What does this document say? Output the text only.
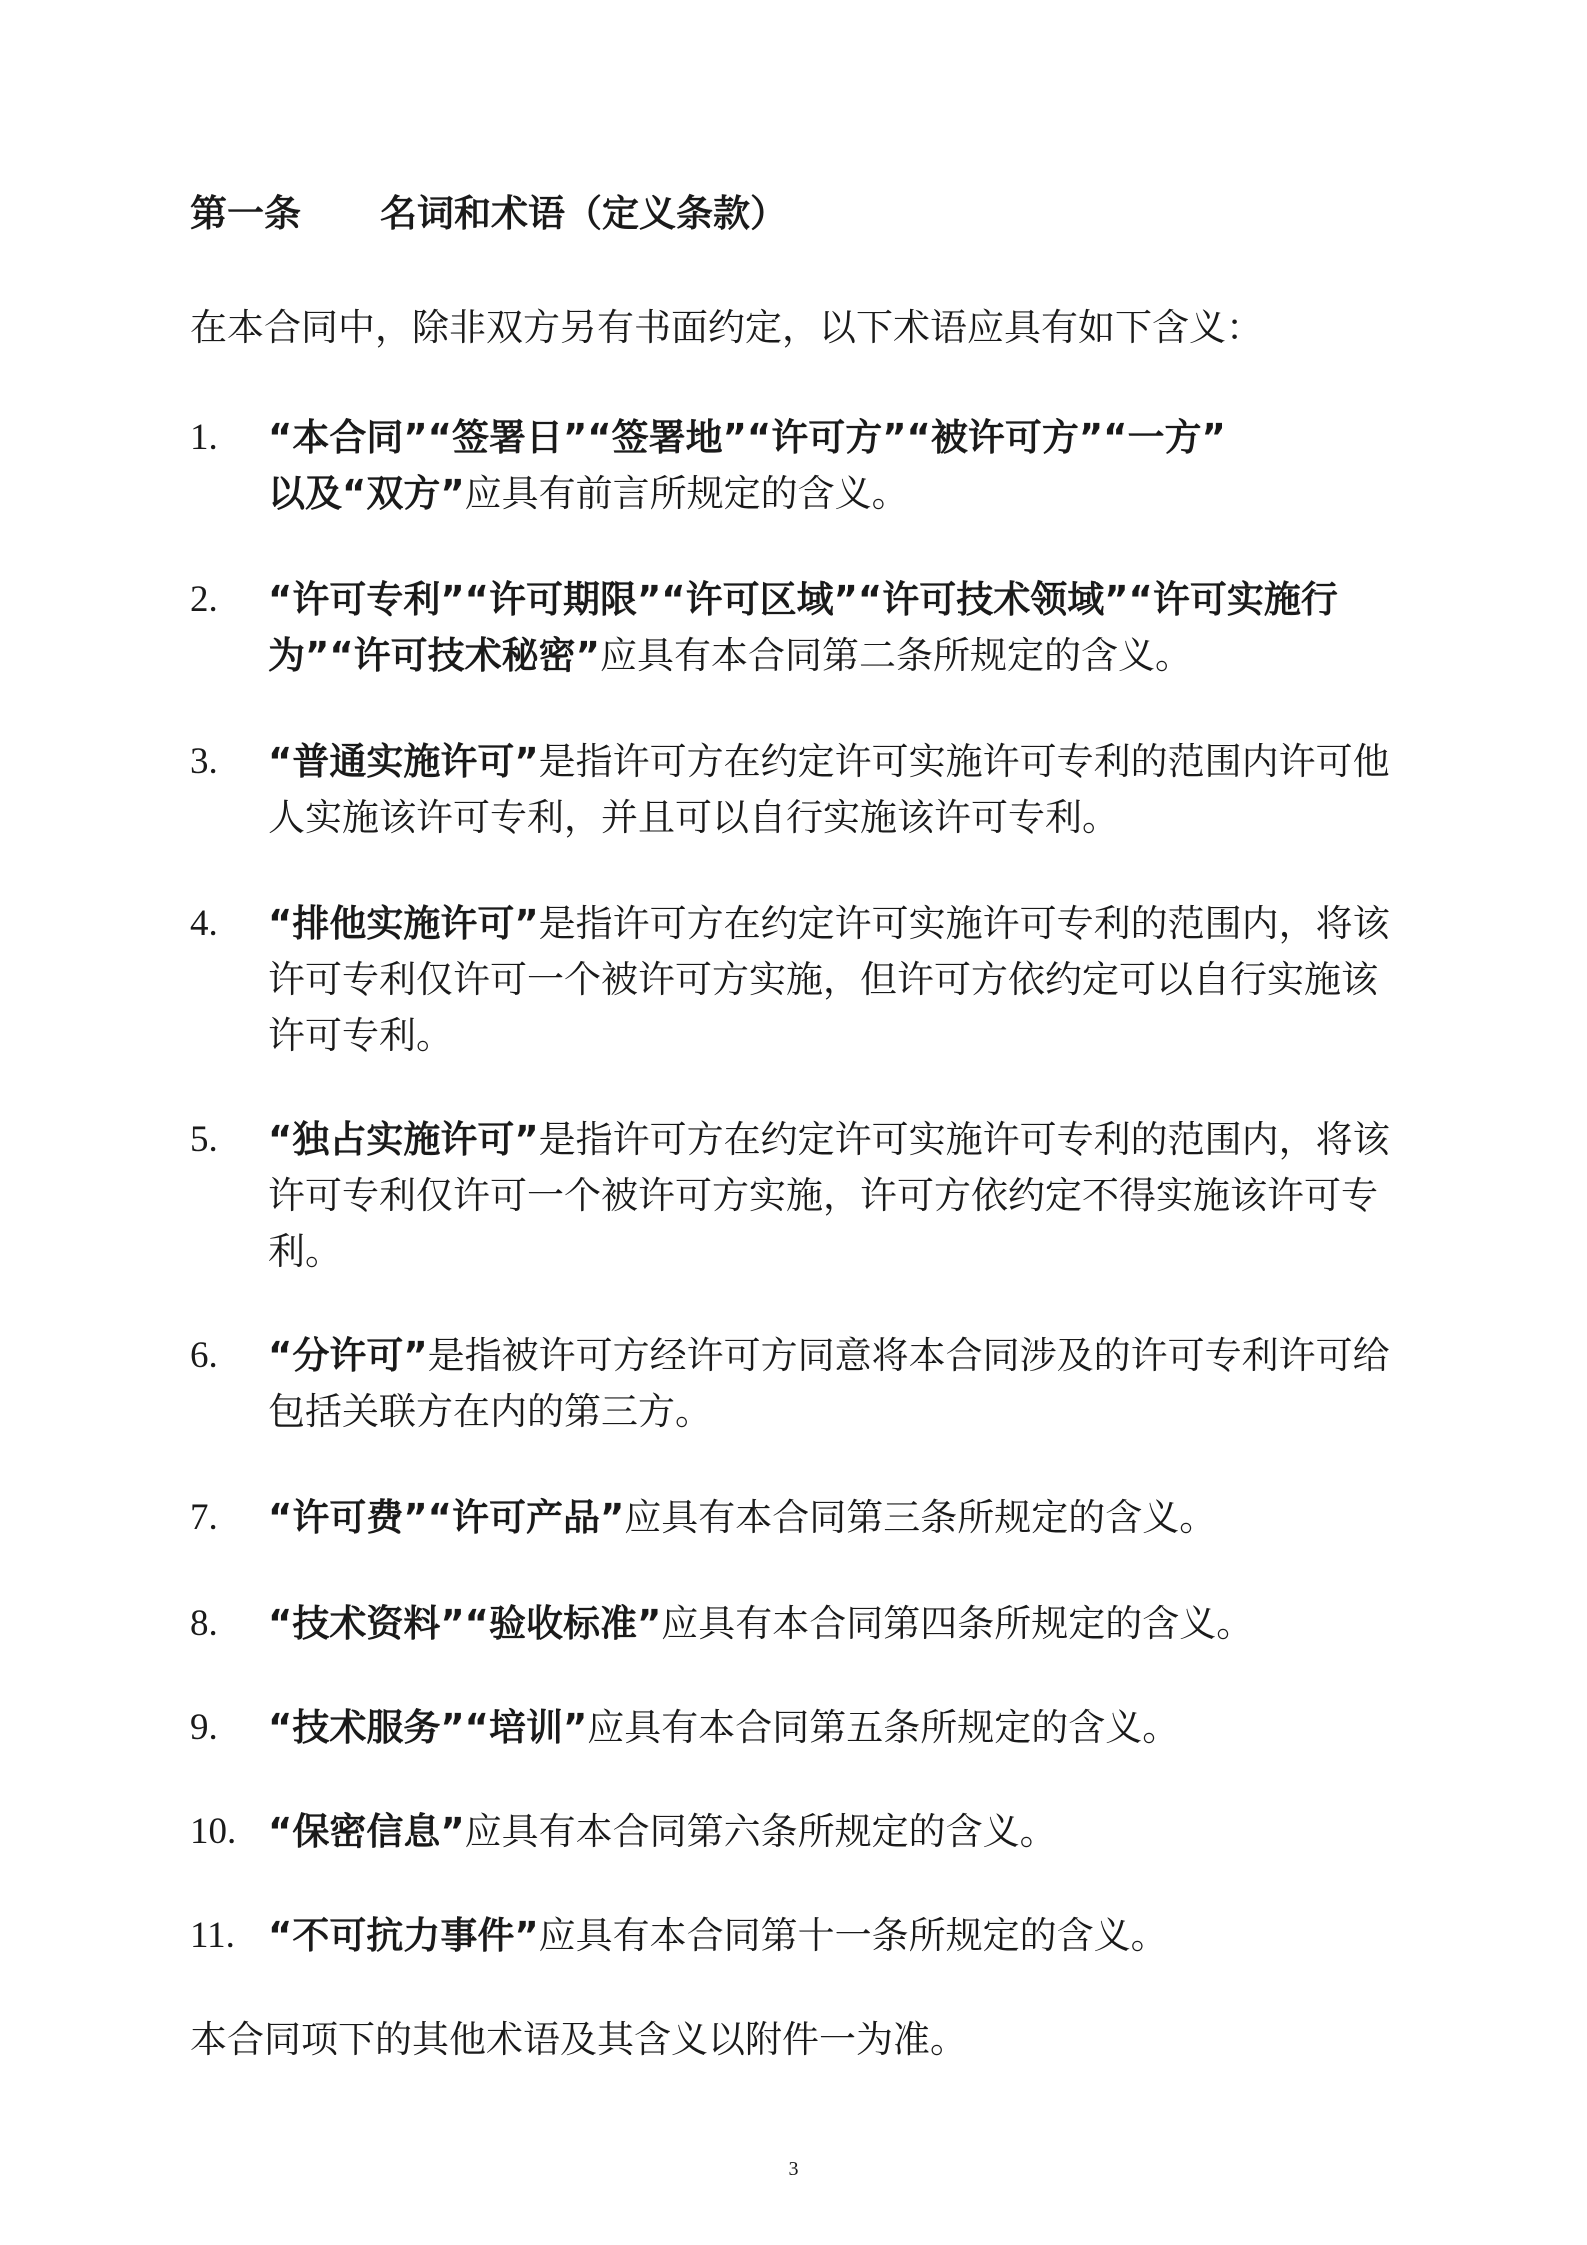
第一条 名词和术语（定义条款）
在本合同中，除非双方另有书面约定，以下术语应具有如下含义：
1.	“本合同”“签署日”“签署地”“许可方”“被许可方”“一方”
以及“双方”应具有前言所规定的含义。
2.	“许可专利”“许可期限”“许可区域”“许可技术领域”“许可实施行为”“许可技术秘密”应具有本合同第二条所规定的含义。
3.	“普通实施许可”是指许可方在约定许可实施许可专利的范围内许可他人实施该许可专利，并且可以自行实施该许可专利。
4.	“排他实施许可”是指许可方在约定许可实施许可专利的范围内，将该许可专利仅许可一个被许可方实施，但许可方依约定可以自行实施该许可专利。
5.	“独占实施许可”是指许可方在约定许可实施许可专利的范围内，将该许可专利仅许可一个被许可方实施，许可方依约定不得实施该许可专利。
6.	“分许可”是指被许可方经许可方同意将本合同涉及的许可专利许可给包括关联方在内的第三方。
7.	“许可费”“许可产品”应具有本合同第三条所规定的含义。
8.	“技术资料”“验收标准”应具有本合同第四条所规定的含义。
9.	“技术服务”“培训”应具有本合同第五条所规定的含义。
10. “保密信息”应具有本合同第六条所规定的含义。
11. “不可抗力事件”应具有本合同第十一条所规定的含义。
本合同项下的其他术语及其含义以附件一为准。
3
